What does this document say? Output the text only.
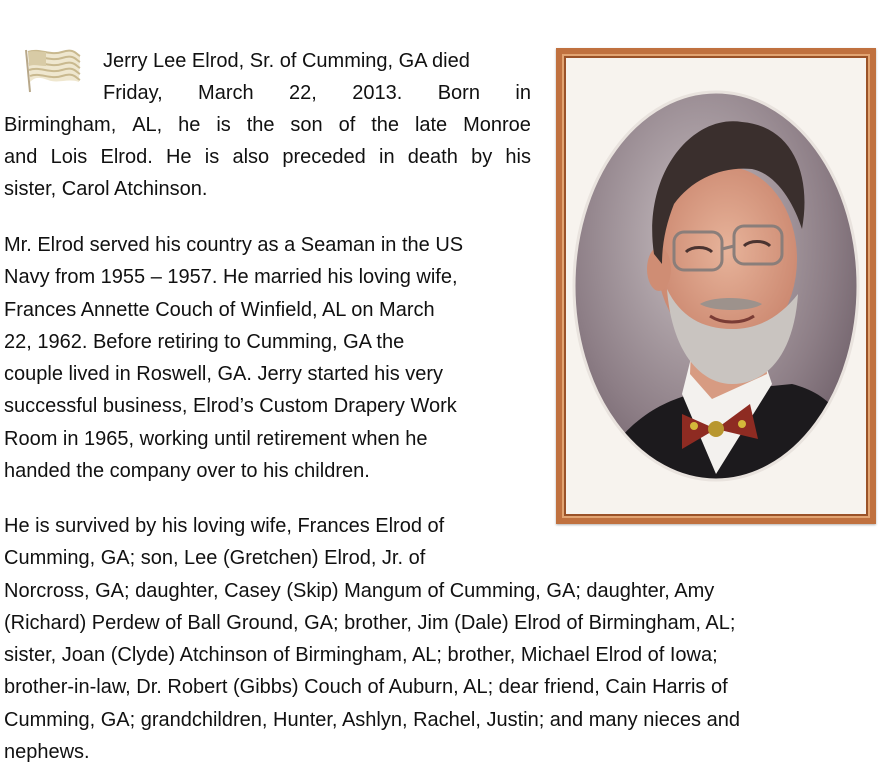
Jerry Lee Elrod, Sr. of Cumming, GA died
Friday, March 22, 2013. Born in
Birmingham, AL, he is the son of the late Monroe
and Lois Elrod. He is also preceded in death by his
sister, Carol Atchinson.
Mr. Elrod served his country as a Seaman in the US
Navy from 1955 – 1957. He married his loving wife,
Frances Annette Couch of Winfield, AL on March
22, 1962. Before retiring to Cumming, GA the
couple lived in Roswell, GA. Jerry started his very
successful business, Elrod’s Custom Drapery Work
Room in 1965, working until retirement when he
handed the company over to his children.
He is survived by his loving wife, Frances Elrod of
Cumming, GA; son, Lee (Gretchen) Elrod, Jr. of
Norcross, GA; daughter, Casey (Skip) Mangum of Cumming, GA; daughter, Amy
(Richard) Perdew of Ball Ground, GA; brother, Jim (Dale) Elrod of Birmingham, AL;
sister, Joan (Clyde) Atchinson of Birmingham, AL; brother, Michael Elrod of Iowa;
brother-in-law, Dr. Robert (Gibbs) Couch of Auburn, AL; dear friend, Cain Harris of
Cumming, GA; grandchildren, Hunter, Ashlyn, Rachel, Justin; and many nieces and
nephews.
